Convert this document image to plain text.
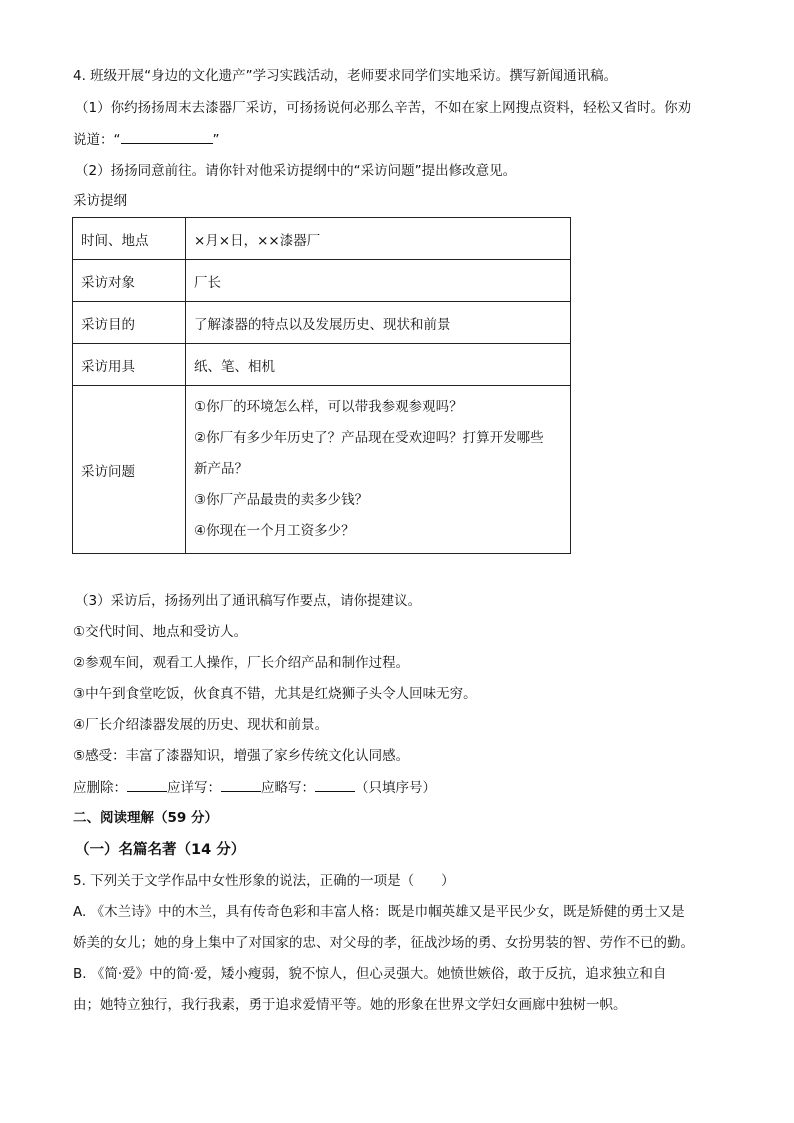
4. 班级开展“身边的文化遗产”学习实践活动，老师要求同学们实地采访。撰写新闻通讯稿。
（1）你约扬扬周末去漆器厂采访，可扬扬说何必那么辛苦，不如在家上网搜点资料，轻松又省时。你劝
说道：“	”
（2）扬扬同意前往。请你针对他采访提纲中的“采访问题”提出修改意见。
采访提纲
时间、地点	×月×日，××漆器厂
采访对象	厂长
采访目的	了解漆器的特点以及发展历史、现状和前景
采访用具	纸、笔、相机
采访问题	①你厂的环境怎么样，可以带我参观参观吗？
②你厂有多少年历史了？产品现在受欢迎吗？打算开发哪些
新产品？
③你厂产品最贵的卖多少钱？
④你现在一个月工资多少？
（3）采访后，扬扬列出了通讯稿写作要点，请你提建议。
①交代时间、地点和受访人。
②参观车间，观看工人操作，厂长介绍产品和制作过程。
③中午到食堂吃饭，伙食真不错，尤其是红烧狮子头令人回味无穷。
④厂长介绍漆器发展的历史、现状和前景。
⑤感受：丰富了漆器知识，增强了家乡传统文化认同感。
应删除：	应详写：	应略写：	（只填序号）
二、阅读理解（59 分）
（一）名篇名著（14 分）
5. 下列关于文学作品中女性形象的说法，正确的一项是（　　）
A. 《木兰诗》中的木兰，具有传奇色彩和丰富人格：既是巾帼英雄又是平民少女，既是矫健的勇士又是
娇美的女儿；她的身上集中了对国家的忠、对父母的孝，征战沙场的勇、女扮男装的智、劳作不已的勤。
B. 《简·爱》中的简·爱，矮小瘦弱，貌不惊人，但心灵强大。她愤世嫉俗，敢于反抗，追求独立和自
由；她特立独行，我行我素，勇于追求爱情平等。她的形象在世界文学妇女画廊中独树一帜。
